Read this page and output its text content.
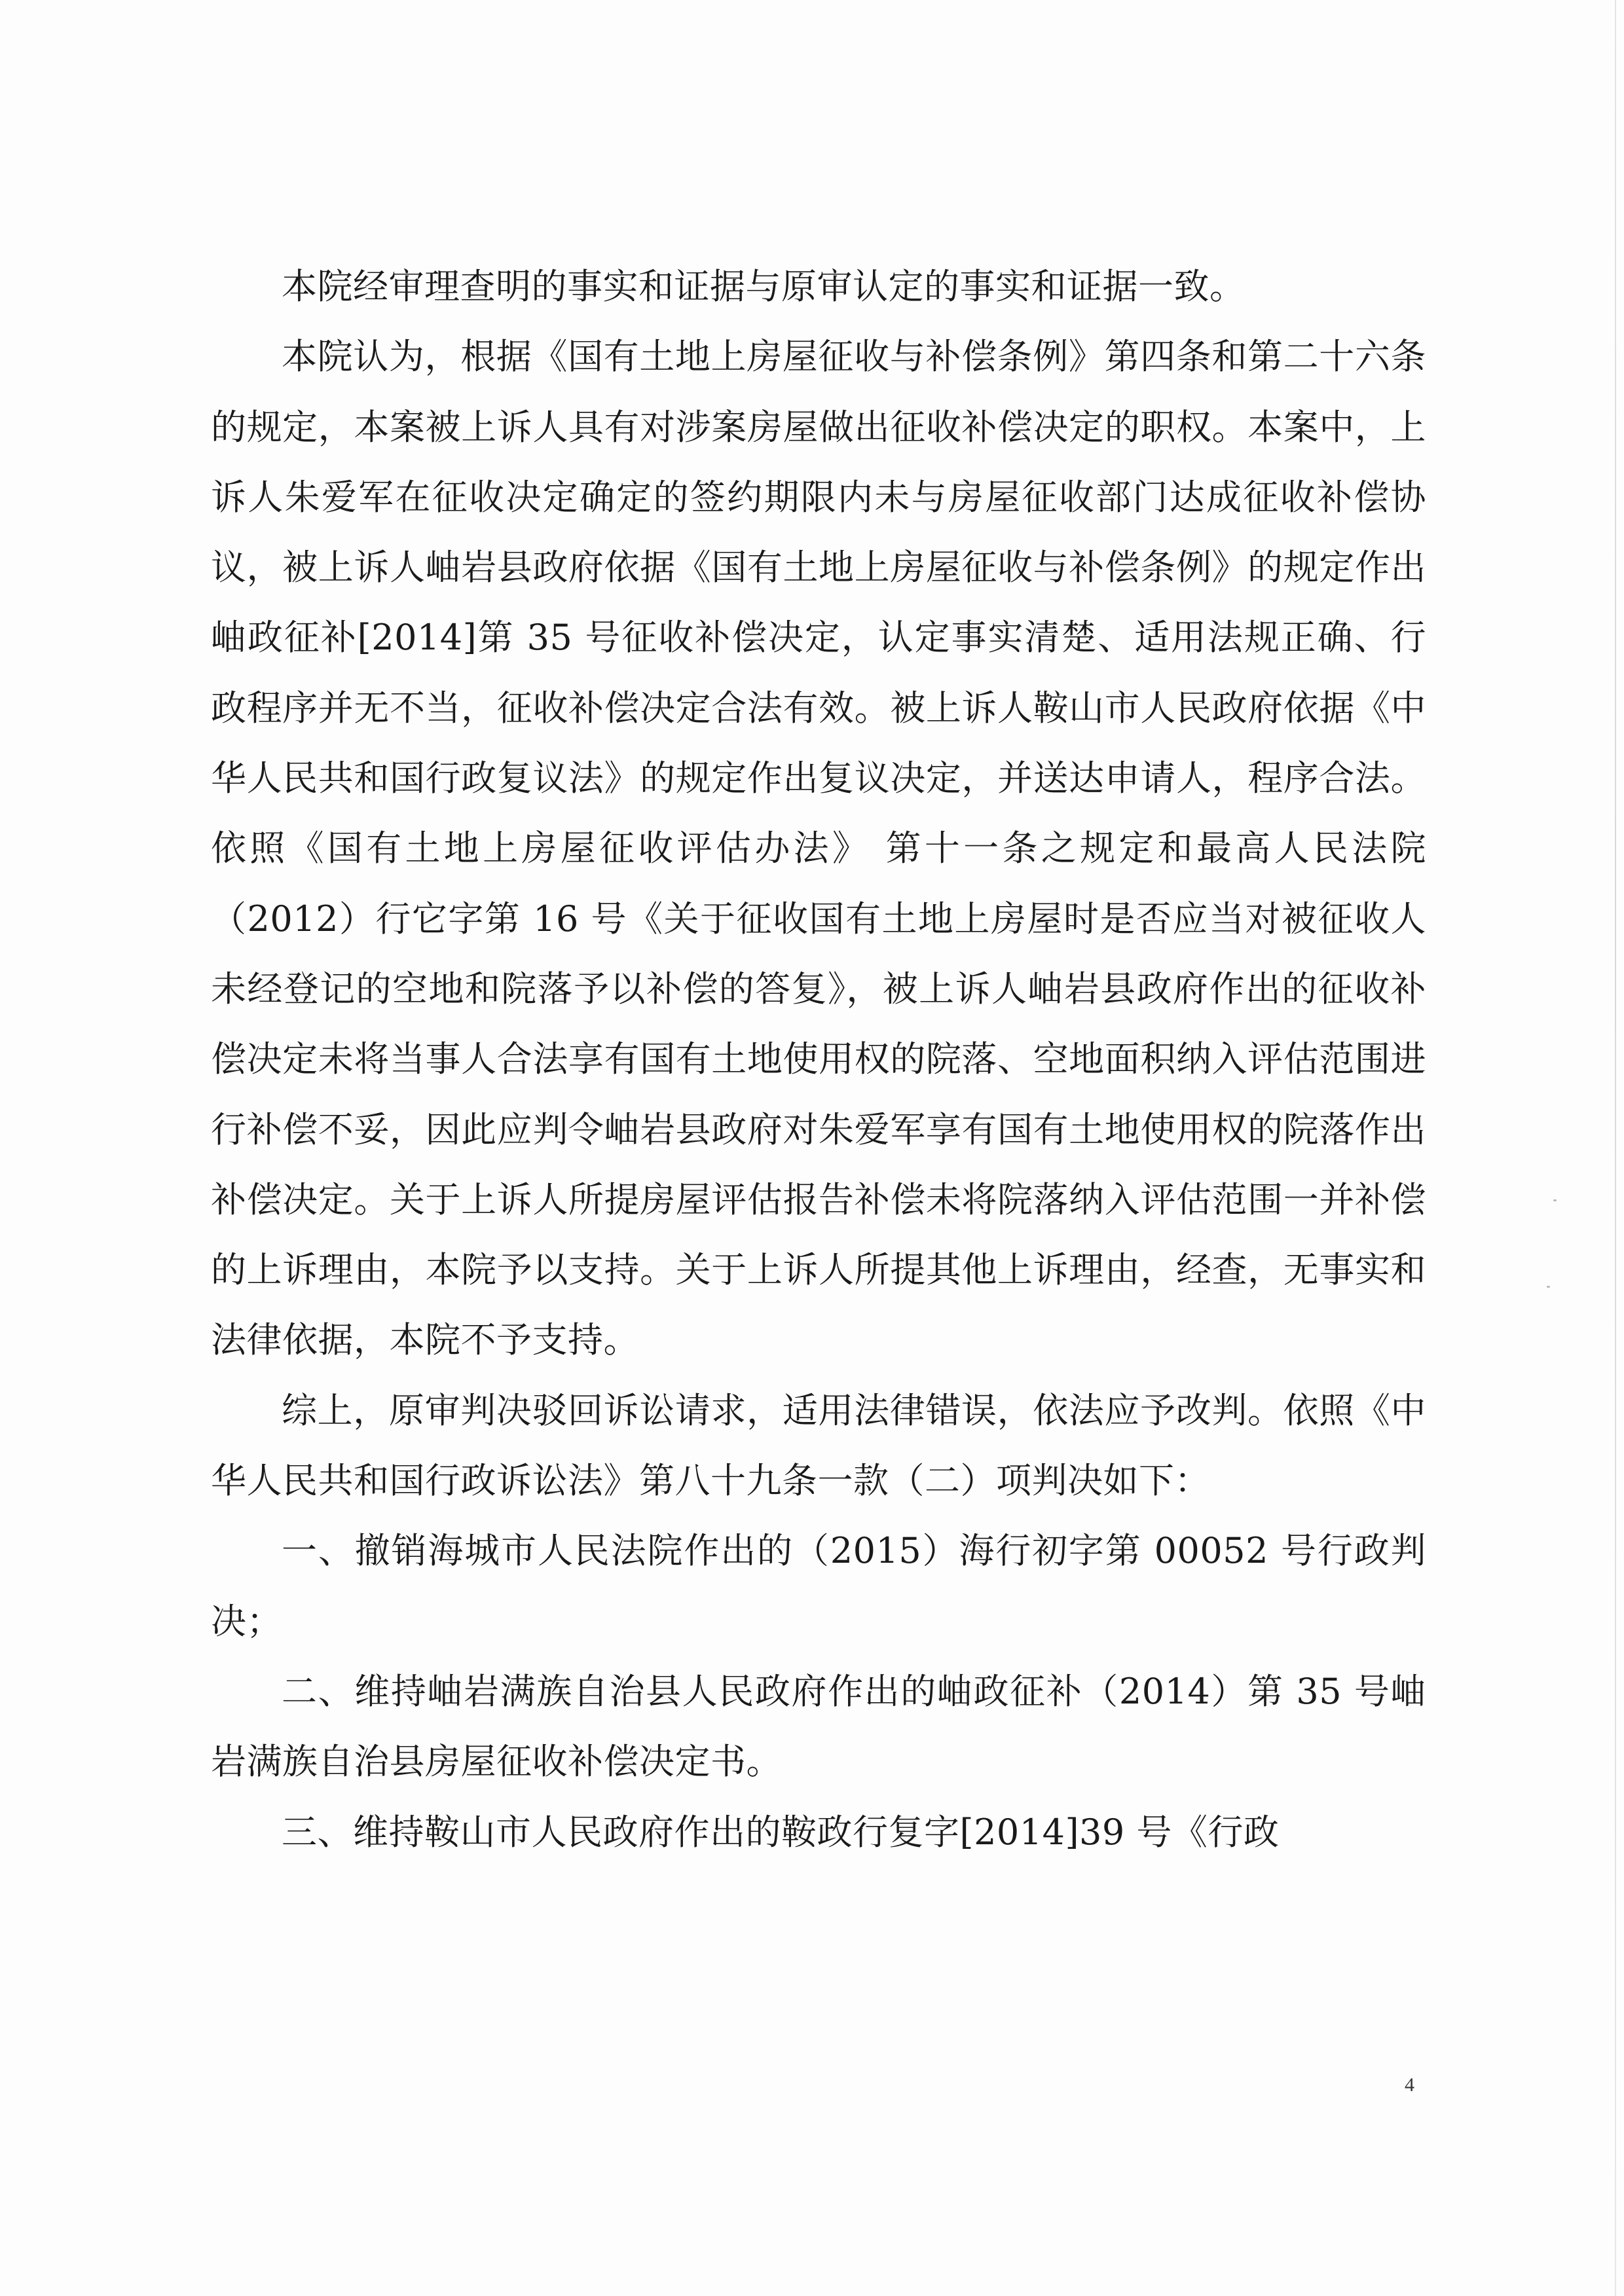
本院经审理查明的事实和证据与原审认定的事实和证据一致。

本院认为，根据《国有土地上房屋征收与补偿条例》第四条和第二十六条的规定，本案被上诉人具有对涉案房屋做出征收补偿决定的职权。本案中，上诉人朱爱军在征收决定确定的签约期限内未与房屋征收部门达成征收补偿协议，被上诉人岫岩县政府依据《国有土地上房屋征收与补偿条例》的规定作出岫政征补[2014]第 35 号征收补偿决定，认定事实清楚、适用法规正确、行政程序并无不当，征收补偿决定合法有效。被上诉人鞍山市人民政府依据《中华人民共和国行政复议法》的规定作出复议决定，并送达申请人，程序合法。依照《国有土地上房屋征收评估办法》 第十一条之规定和最高人民法院（2012）行它字第 16 号《关于征收国有土地上房屋时是否应当对被征收人未经登记的空地和院落予以补偿的答复》，被上诉人岫岩县政府作出的征收补偿决定未将当事人合法享有国有土地使用权的院落、空地面积纳入评估范围进行补偿不妥，因此应判令岫岩县政府对朱爱军享有国有土地使用权的院落作出补偿决定。关于上诉人所提房屋评估报告补偿未将院落纳入评估范围一并补偿的上诉理由，本院予以支持。关于上诉人所提其他上诉理由，经查，无事实和法律依据，本院不予支持。

综上，原审判决驳回诉讼请求，适用法律错误，依法应予改判。依照《中华人民共和国行政诉讼法》第八十九条一款（二）项判决如下：

一、撤销海城市人民法院作出的（2015）海行初字第 00052 号行政判决；

二、维持岫岩满族自治县人民政府作出的岫政征补（2014）第 35 号岫岩满族自治县房屋征收补偿决定书。

三、维持鞍山市人民政府作出的鞍政行复字[2014]39 号《行政

4
